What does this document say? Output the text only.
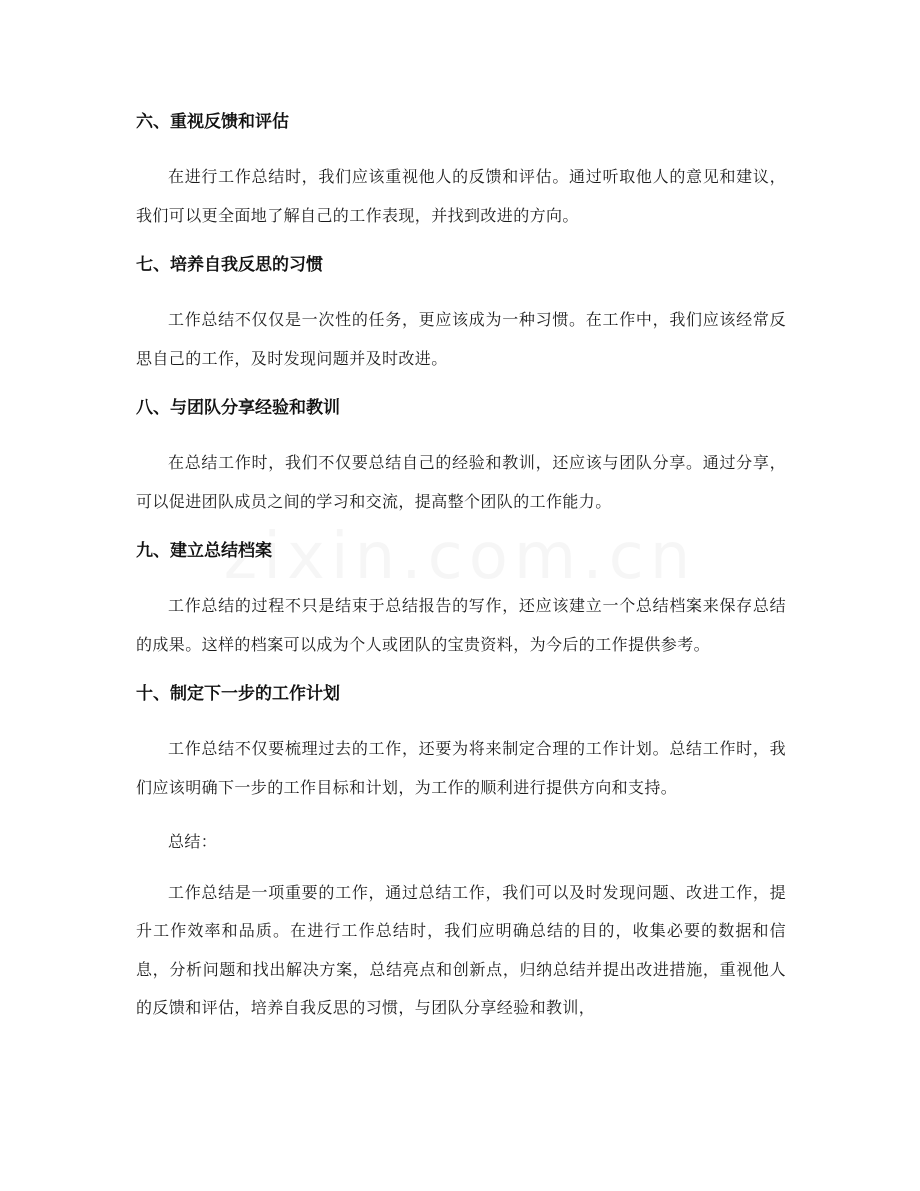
六、重视反馈和评估

在进行工作总结时，我们应该重视他人的反馈和评估。通过听取他人的意见和建议，我们可以更全面地了解自己的工作表现，并找到改进的方向。

七、培养自我反思的习惯

工作总结不仅仅是一次性的任务，更应该成为一种习惯。在工作中，我们应该经常反思自己的工作，及时发现问题并及时改进。

八、与团队分享经验和教训

在总结工作时，我们不仅要总结自己的经验和教训，还应该与团队分享。通过分享，可以促进团队成员之间的学习和交流，提高整个团队的工作能力。

九、建立总结档案

工作总结的过程不只是结束于总结报告的写作，还应该建立一个总结档案来保存总结的成果。这样的档案可以成为个人或团队的宝贵资料，为今后的工作提供参考。

十、制定下一步的工作计划

工作总结不仅要梳理过去的工作，还要为将来制定合理的工作计划。总结工作时，我们应该明确下一步的工作目标和计划，为工作的顺利进行提供方向和支持。

总结：

工作总结是一项重要的工作，通过总结工作，我们可以及时发现问题、改进工作，提升工作效率和品质。在进行工作总结时，我们应明确总结的目的，收集必要的数据和信息，分析问题和找出解决方案，总结亮点和创新点，归纳总结并提出改进措施，重视他人的反馈和评估，培养自我反思的习惯，与团队分享经验和教训，
